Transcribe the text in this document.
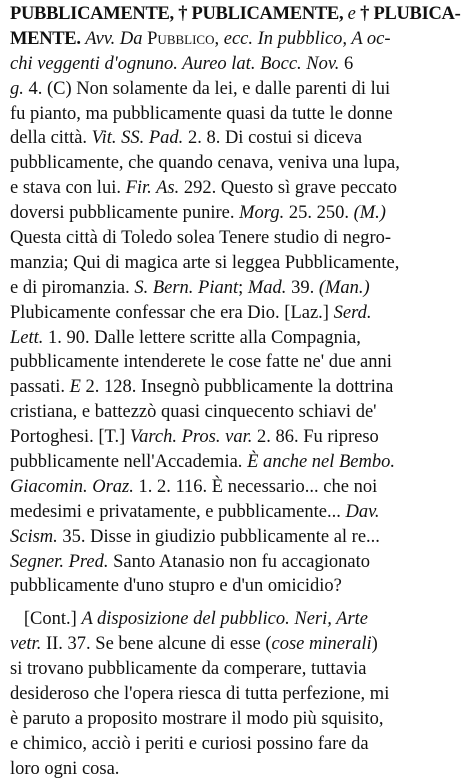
PUBBLICAMENTE, † PUBLICAMENTE, e † PLUBICA-
MENTE. Avv. Da Pubblico, ecc. In pubblico, A oc-
chi veggenti d'ognuno. Aureo lat. Bocc. Nov. 6
g. 4. (C) Non solamente da lei, e dalle parenti di lui
fu pianto, ma pubblicamente quasi da tutte le donne
della città. Vit. SS. Pad. 2. 8. Di costui si diceva
pubblicamente, che quando cenava, veniva una lupa,
e stava con lui. Fir. As. 292. Questo sì grave peccato
doversi pubblicamente punire. Morg. 25. 250. (M.)
Questa città di Toledo solea Tenere studio di negro-
manzia; Qui di magica arte si leggea Pubblicamente,
e di piromanzia. S. Bern. Piant; Mad. 39. (Man.)
Plubicamente confessar che era Dio. [Laz.] Serd.
Lett. 1. 90. Dalle lettere scritte alla Compagnia,
pubblicamente intenderete le cose fatte ne' due anni
passati. E 2. 128. Insegnò pubblicamente la dottrina
cristiana, e battezzò quasi cinquecento schiavi de'
Portoghesi. [T.] Varch. Pros. var. 2. 86. Fu ripreso
pubblicamente nell'Accademia. È anche nel Bembo.
Giacomin. Oraz. 1. 2. 116. È necessario... che noi
medesimi e privatamente, e pubblicamente... Dav.
Scism. 35. Disse in giudizio pubblicamente al re...
Segner. Pred. Santo Atanasio non fu accagionato
pubblicamente d'uno stupro e d'un omicidio?
[Cont.] A disposizione del pubblico. Neri, Arte
vetr. II. 37. Se bene alcune di esse (cose minerali)
si trovano pubblicamente da comperare, tuttavia
desideroso che l'opera riesca di tutta perfezione, mi
è paruto a proposito mostrare il modo più squisito,
e chimico, acciò i periti e curiosi possino fare da
loro ogni cosa.
